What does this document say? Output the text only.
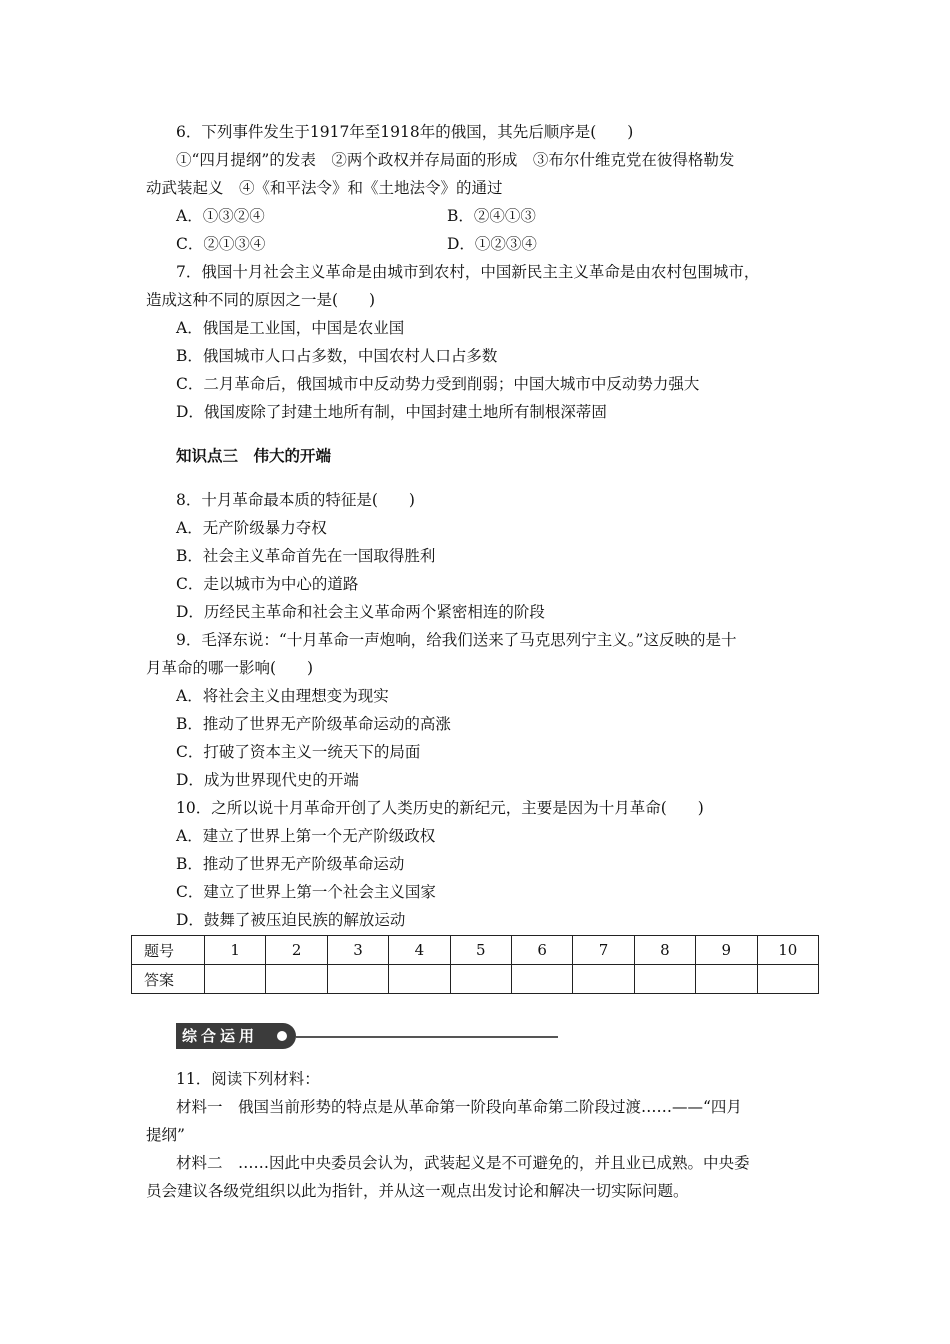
6．下列事件发生于1917年至1918年的俄国，其先后顺序是(　　)
①“四月提纲”的发表　②两个政权并存局面的形成　③布尔什维克党在彼得格勒发
动武装起义　④《和平法令》和《土地法令》的通过
A．①③②④	B．②④①③
C．②①③④	D．①②③④
7．俄国十月社会主义革命是由城市到农村，中国新民主主义革命是由农村包围城市，
造成这种不同的原因之一是(　　)
A．俄国是工业国，中国是农业国
B．俄国城市人口占多数，中国农村人口占多数
C．二月革命后，俄国城市中反动势力受到削弱；中国大城市中反动势力强大
D．俄国废除了封建土地所有制，中国封建土地所有制根深蒂固
知识点三　伟大的开端
8．十月革命最本质的特征是(　　)
A．无产阶级暴力夺权
B．社会主义革命首先在一国取得胜利
C．走以城市为中心的道路
D．历经民主革命和社会主义革命两个紧密相连的阶段
9．毛泽东说：“十月革命一声炮响，给我们送来了马克思列宁主义。”这反映的是十
月革命的哪一影响(　　)
A．将社会主义由理想变为现实
B．推动了世界无产阶级革命运动的高涨
C．打破了资本主义一统天下的局面
D．成为世界现代史的开端
10．之所以说十月革命开创了人类历史的新纪元，主要是因为十月革命(　　)
A．建立了世界上第一个无产阶级政权
B．推动了世界无产阶级革命运动
C．建立了世界上第一个社会主义国家
D．鼓舞了被压迫民族的解放运动
题号	1	2	3	4	5	6	7	8	9	10
答案										
综合运用
11．阅读下列材料：
材料一　俄国当前形势的特点是从革命第一阶段向革命第二阶段过渡……——“四月
提纲”
材料二　……因此中央委员会认为，武装起义是不可避免的，并且业已成熟。中央委
员会建议各级党组织以此为指针，并从这一观点出发讨论和解决一切实际问题。
